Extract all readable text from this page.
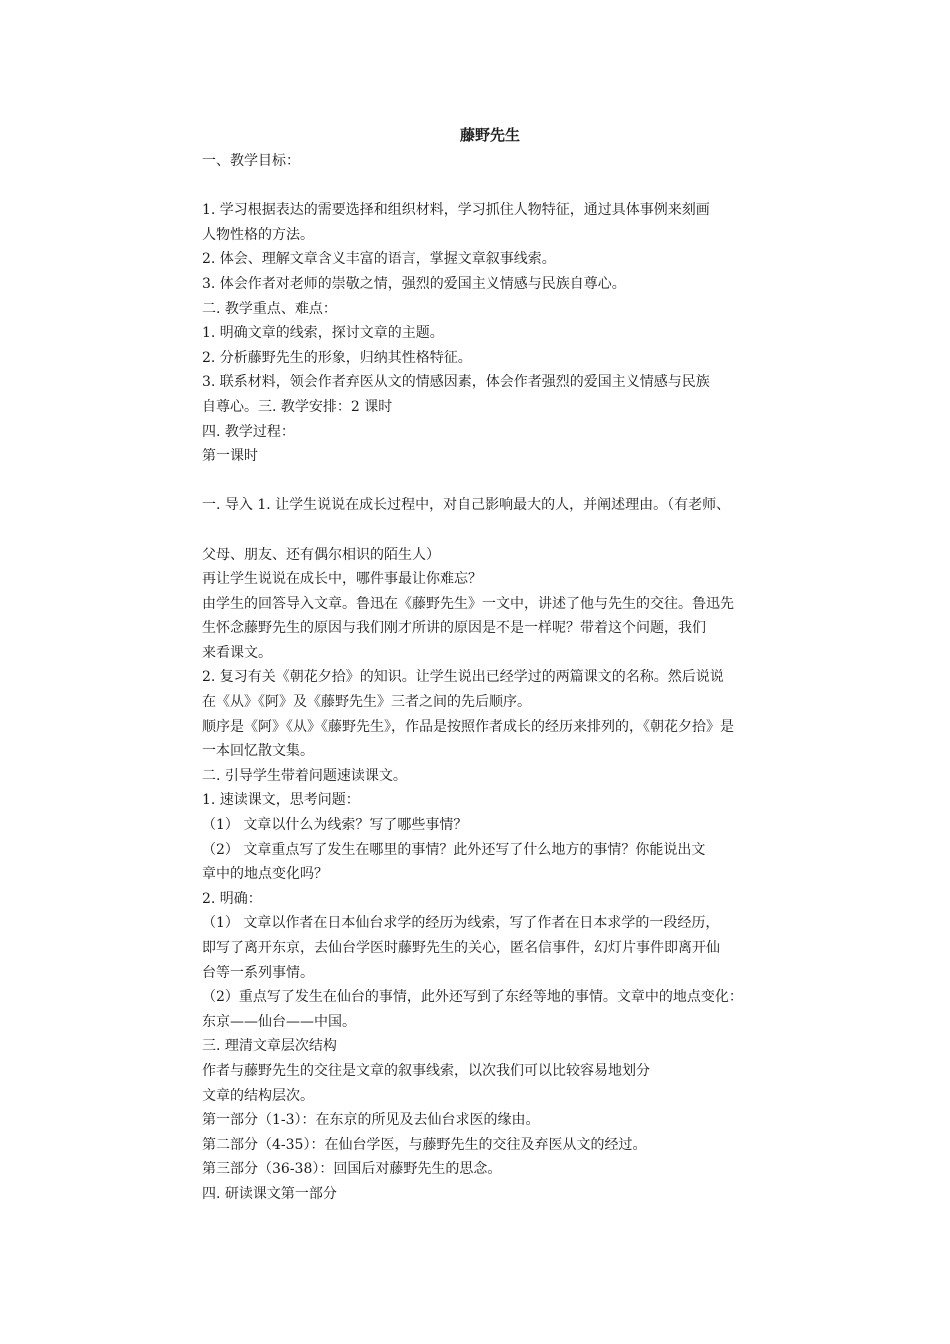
藤野先生
一、教学目标：
1. 学习根据表达的需要选择和组织材料，学习抓住人物特征，通过具体事例来刻画
人物性格的方法。
2. 体会、理解文章含义丰富的语言，掌握文章叙事线索。
3. 体会作者对老师的崇敬之情，强烈的爱国主义情感与民族自尊心。
二. 教学重点、难点：
1. 明确文章的线索，探讨文章的主题。
2. 分析藤野先生的形象，归纳其性格特征。
3. 联系材料，领会作者弃医从文的情感因素，体会作者强烈的爱国主义情感与民族
自尊心。三. 教学安排：2 课时
四. 教学过程：
第一课时
一. 导入 1. 让学生说说在成长过程中，对自己影响最大的人，并阐述理由。（有老师、
父母、朋友、还有偶尔相识的陌生人）
再让学生说说在成长中，哪件事最让你难忘？
由学生的回答导入文章。鲁迅在《藤野先生》一文中，讲述了他与先生的交往。鲁迅先
生怀念藤野先生的原因与我们刚才所讲的原因是不是一样呢？带着这个问题，我们
来看课文。
2. 复习有关《朝花夕拾》的知识。让学生说出已经学过的两篇课文的名称。然后说说
在《从》《阿》及《藤野先生》三者之间的先后顺序。
顺序是《阿》《从》《藤野先生》，作品是按照作者成长的经历来排列的，《朝花夕拾》是
一本回忆散文集。
二. 引导学生带着问题速读课文。
1. 速读课文，思考问题：
（1） 文章以什么为线索？写了哪些事情？
（2） 文章重点写了发生在哪里的事情？此外还写了什么地方的事情？你能说出文
章中的地点变化吗？
2. 明确：
（1） 文章以作者在日本仙台求学的经历为线索，写了作者在日本求学的一段经历，
即写了离开东京，去仙台学医时藤野先生的关心，匿名信事件，幻灯片事件即离开仙
台等一系列事情。
（2）重点写了发生在仙台的事情，此外还写到了东经等地的事情。文章中的地点变化：
东京——仙台——中国。
三. 理清文章层次结构
作者与藤野先生的交往是文章的叙事线索，以次我们可以比较容易地划分
文章的结构层次。
第一部分（1-3）：在东京的所见及去仙台求医的缘由。
第二部分（4-35）：在仙台学医，与藤野先生的交往及弃医从文的经过。
第三部分（36-38）：回国后对藤野先生的思念。
四. 研读课文第一部分
